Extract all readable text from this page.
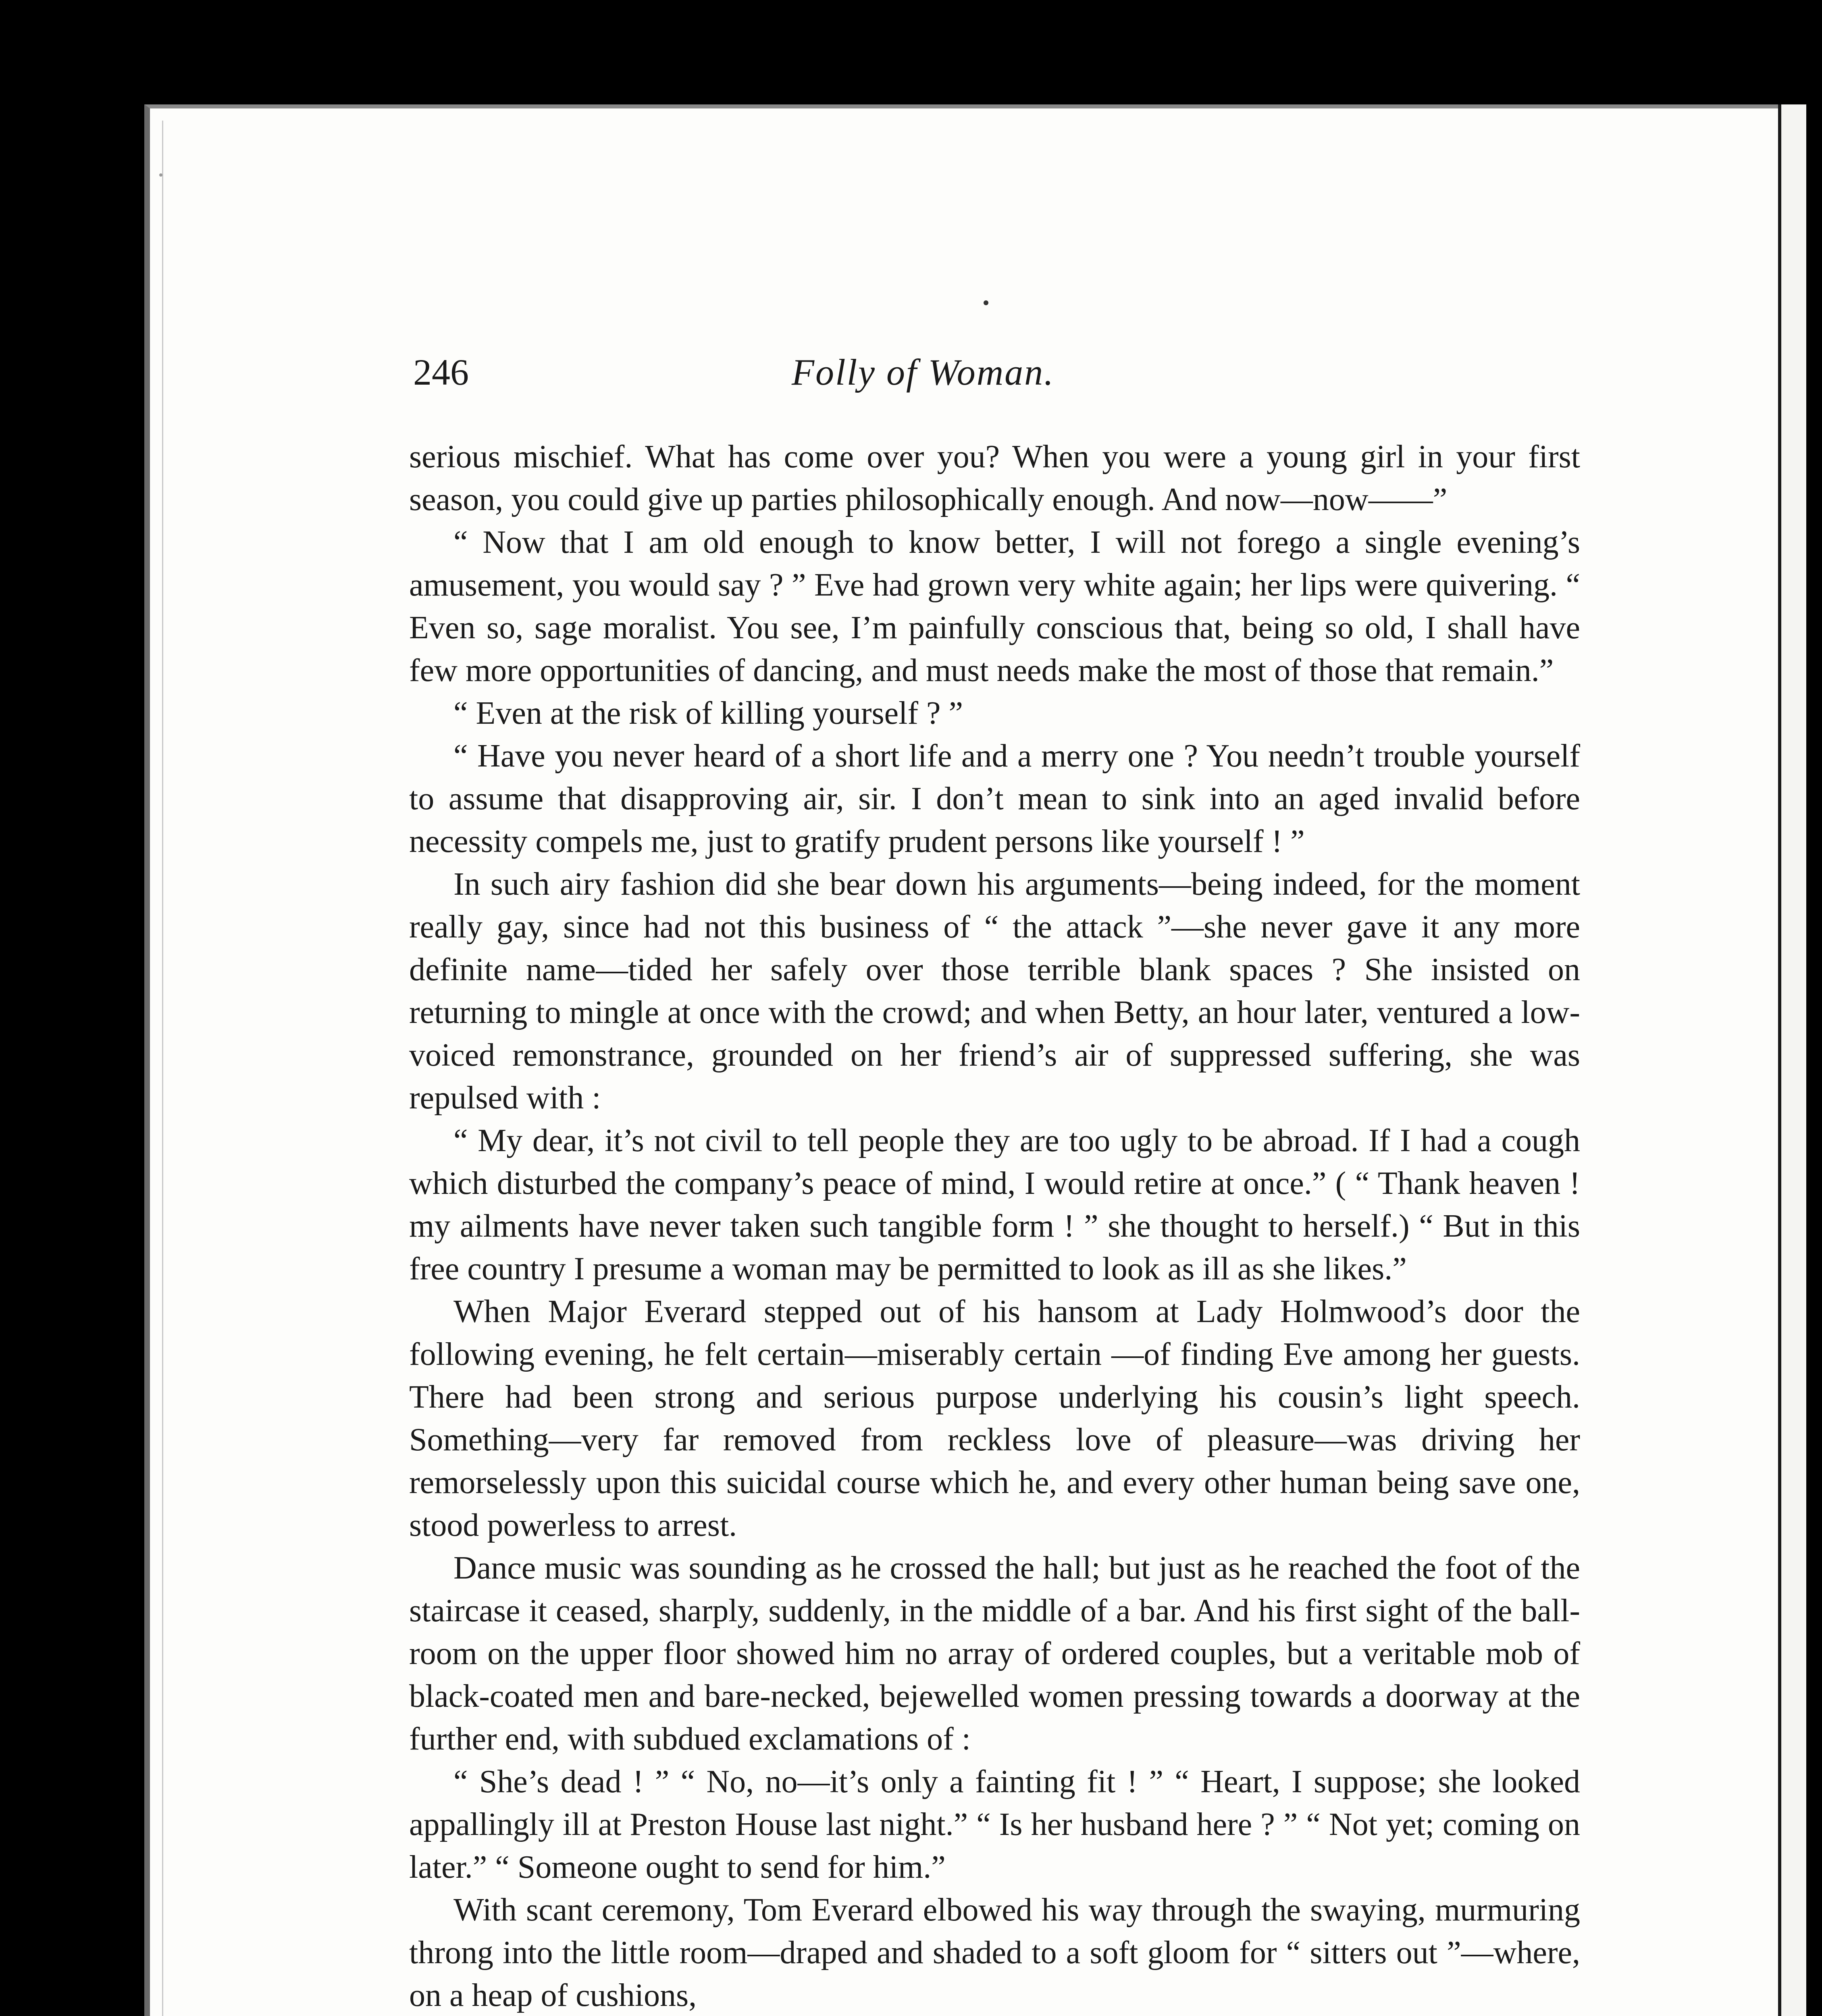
246	Folly of Woman.

serious mischief. What has come over you? When you were a young girl in your first season, you could give up parties philosophically enough. And now—now——”

“ Now that I am old enough to know better, I will not forego a single evening’s amusement, you would say ? ” Eve had grown very white again; her lips were quivering. “ Even so, sage moralist. You see, I’m painfully conscious that, being so old, I shall have few more opportunities of dancing, and must needs make the most of those that remain.”

“ Even at the risk of killing yourself ? ”

“ Have you never heard of a short life and a merry one ? You needn’t trouble yourself to assume that disapproving air, sir. I don’t mean to sink into an aged invalid before necessity compels me, just to gratify prudent persons like yourself ! ”

In such airy fashion did she bear down his arguments—being indeed, for the moment really gay, since had not this business of “ the attack ”—she never gave it any more definite name—tided her safely over those terrible blank spaces ? She insisted on returning to mingle at once with the crowd; and when Betty, an hour later, ventured a low-voiced remonstrance, grounded on her friend’s air of suppressed suffering, she was repulsed with :

“ My dear, it’s not civil to tell people they are too ugly to be abroad. If I had a cough which disturbed the company’s peace of mind, I would retire at once.” ( “ Thank heaven ! my ailments have never taken such tangible form ! ” she thought to herself.) “ But in this free country I presume a woman may be permitted to look as ill as she likes.”

When Major Everard stepped out of his hansom at Lady Holmwood’s door the following evening, he felt certain—miserably certain —of finding Eve among her guests. There had been strong and serious purpose underlying his cousin’s light speech. Something—very far removed from reckless love of pleasure—was driving her remorselessly upon this suicidal course which he, and every other human being save one, stood powerless to arrest.

Dance music was sounding as he crossed the hall; but just as he reached the foot of the staircase it ceased, sharply, suddenly, in the middle of a bar. And his first sight of the ball-room on the upper floor showed him no array of ordered couples, but a veritable mob of black-coated men and bare-necked, bejewelled women pressing towards a doorway at the further end, with subdued exclamations of :

“ She’s dead ! ” “ No, no—it’s only a fainting fit ! ” “ Heart, I suppose; she looked appallingly ill at Preston House last night.” “ Is her husband here ? ” “ Not yet; coming on later.” “ Someone ought to send for him.”

With scant ceremony, Tom Everard elbowed his way through the swaying, murmuring throng into the little room—draped and shaded to a soft gloom for “ sitters out ”—where, on a heap of cushions,
